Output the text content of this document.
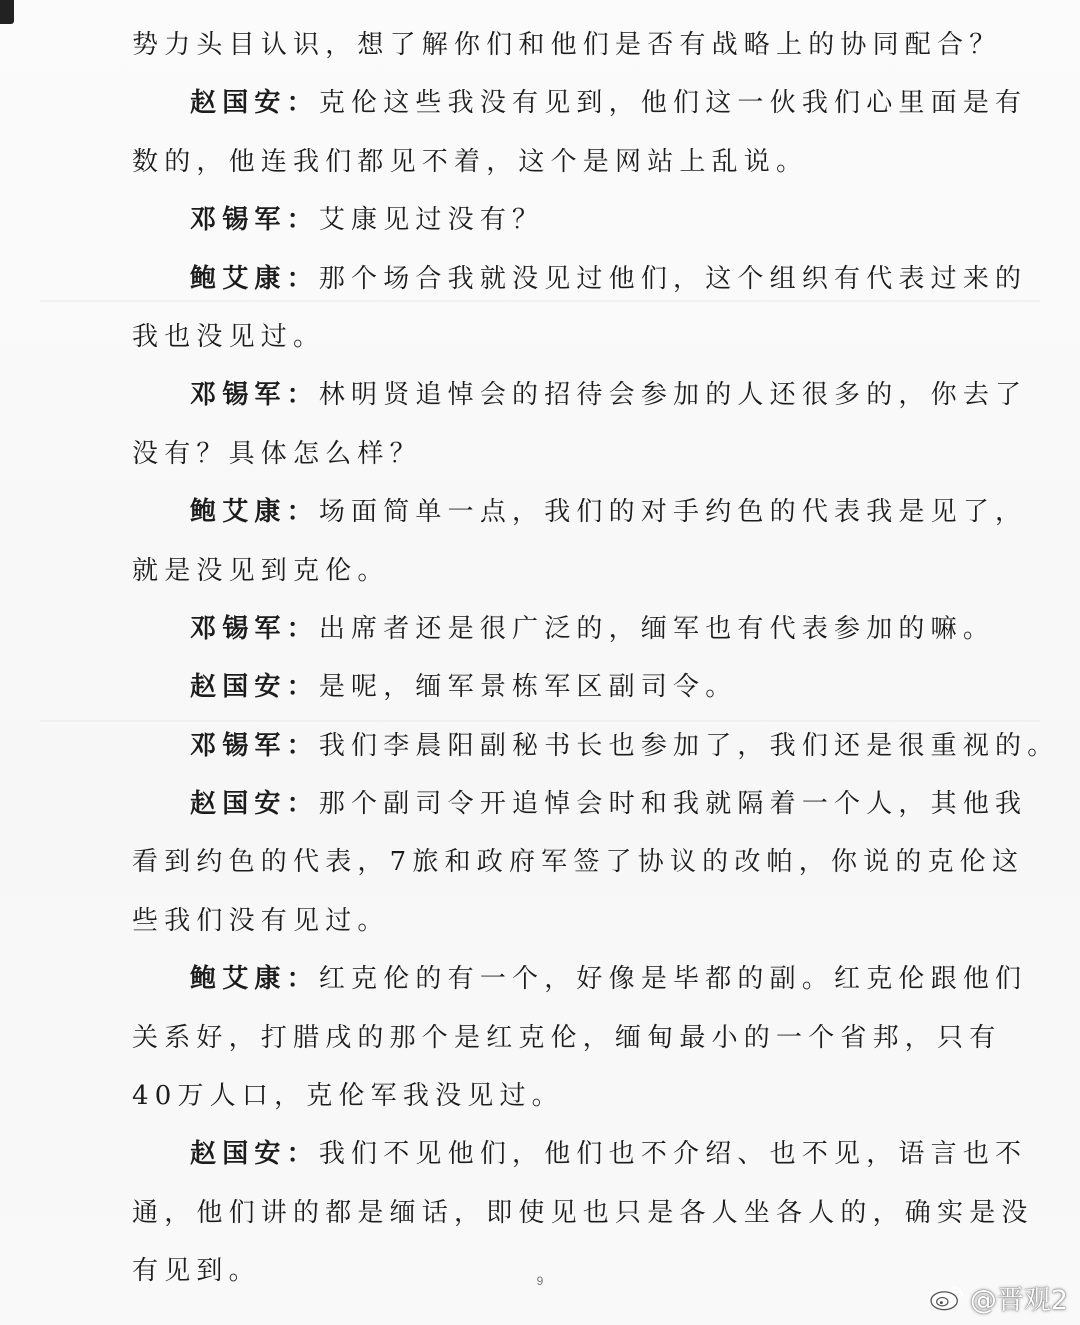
势力头目认识，想了解你们和他们是否有战略上的协同配合？
赵国安：克伦这些我没有见到，他们这一伙我们心里面是有
数的，他连我们都见不着，这个是网站上乱说。
邓锡军：艾康见过没有？
鲍艾康：那个场合我就没见过他们，这个组织有代表过来的
我也没见过。
邓锡军：林明贤追悼会的招待会参加的人还很多的，你去了
没有？具体怎么样？
鲍艾康：场面简单一点，我们的对手约色的代表我是见了，
就是没见到克伦。
邓锡军：出席者还是很广泛的，缅军也有代表参加的嘛。
赵国安：是呢，缅军景栋军区副司令。
邓锡军：我们李晨阳副秘书长也参加了，我们还是很重视的。
赵国安：那个副司令开追悼会时和我就隔着一个人，其他我
看到约色的代表，7旅和政府军签了协议的改帕，你说的克伦这
些我们没有见过。
鲍艾康：红克伦的有一个，好像是毕都的副。红克伦跟他们
关系好，打腊戌的那个是红克伦，缅甸最小的一个省邦，只有
40万人口，克伦军我没见过。
赵国安：我们不见他们，他们也不介绍、也不见，语言也不
通，他们讲的都是缅话，即使见也只是各人坐各人的，确实是没
有见到。	9
@晋观2
